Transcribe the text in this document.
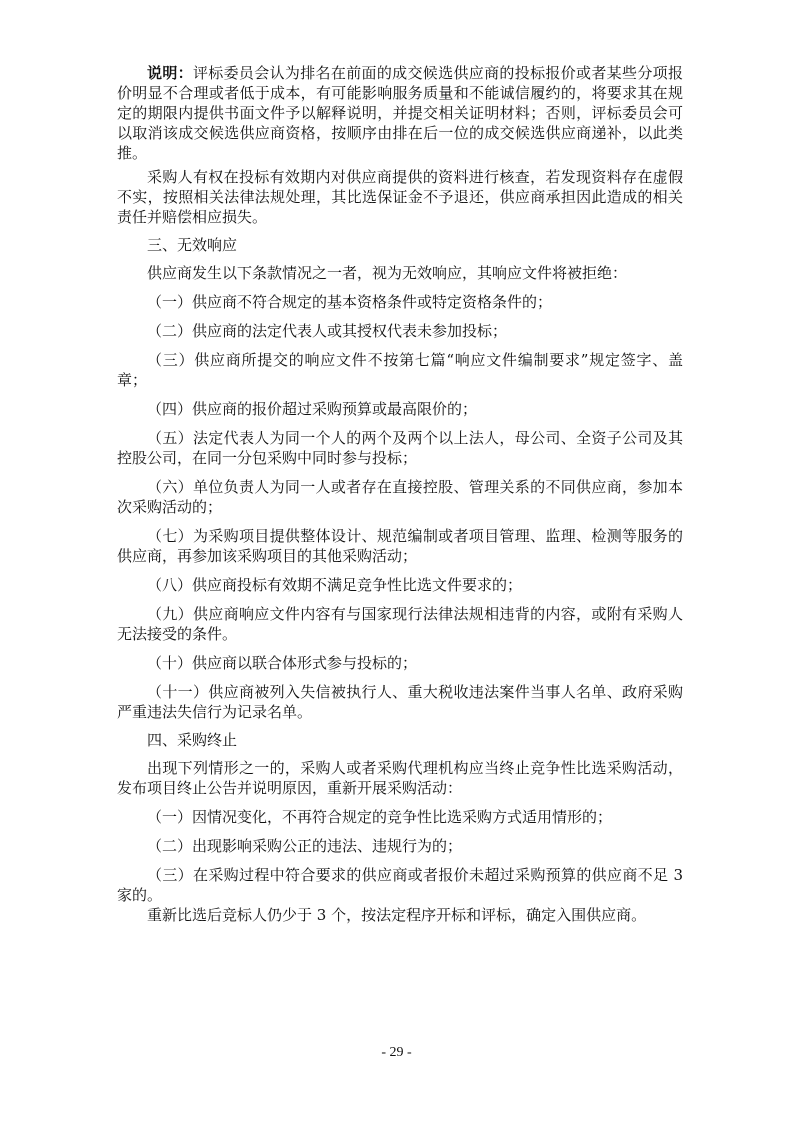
说明：评标委员会认为排名在前面的成交候选供应商的投标报价或者某些分项报价明显不合理或者低于成本，有可能影响服务质量和不能诚信履约的，将要求其在规定的期限内提供书面文件予以解释说明，并提交相关证明材料；否则，评标委员会可以取消该成交候选供应商资格，按顺序由排在后一位的成交候选供应商递补，以此类推。

采购人有权在投标有效期内对供应商提供的资料进行核查，若发现资料存在虚假不实，按照相关法律法规处理，其比选保证金不予退还，供应商承担因此造成的相关责任并赔偿相应损失。

三、无效响应

供应商发生以下条款情况之一者，视为无效响应，其响应文件将被拒绝：

（一）供应商不符合规定的基本资格条件或特定资格条件的；

（二）供应商的法定代表人或其授权代表未参加投标；

（三）供应商所提交的响应文件不按第七篇“响应文件编制要求”规定签字、盖章；

（四）供应商的报价超过采购预算或最高限价的；

（五）法定代表人为同一个人的两个及两个以上法人，母公司、全资子公司及其控股公司，在同一分包采购中同时参与投标；

（六）单位负责人为同一人或者存在直接控股、管理关系的不同供应商，参加本次采购活动的；

（七）为采购项目提供整体设计、规范编制或者项目管理、监理、检测等服务的供应商，再参加该采购项目的其他采购活动；

（八）供应商投标有效期不满足竞争性比选文件要求的；

（九）供应商响应文件内容有与国家现行法律法规相违背的内容，或附有采购人无法接受的条件。

（十）供应商以联合体形式参与投标的；

（十一）供应商被列入失信被执行人、重大税收违法案件当事人名单、政府采购严重违法失信行为记录名单。

四、采购终止

出现下列情形之一的，采购人或者采购代理机构应当终止竞争性比选采购活动，发布项目终止公告并说明原因，重新开展采购活动：

（一）因情况变化，不再符合规定的竞争性比选采购方式适用情形的；

（二）出现影响采购公正的违法、违规行为的；

（三）在采购过程中符合要求的供应商或者报价未超过采购预算的供应商不足 3 家的。

重新比选后竞标人仍少于 3 个，按法定程序开标和评标，确定入围供应商。

- 29 -
